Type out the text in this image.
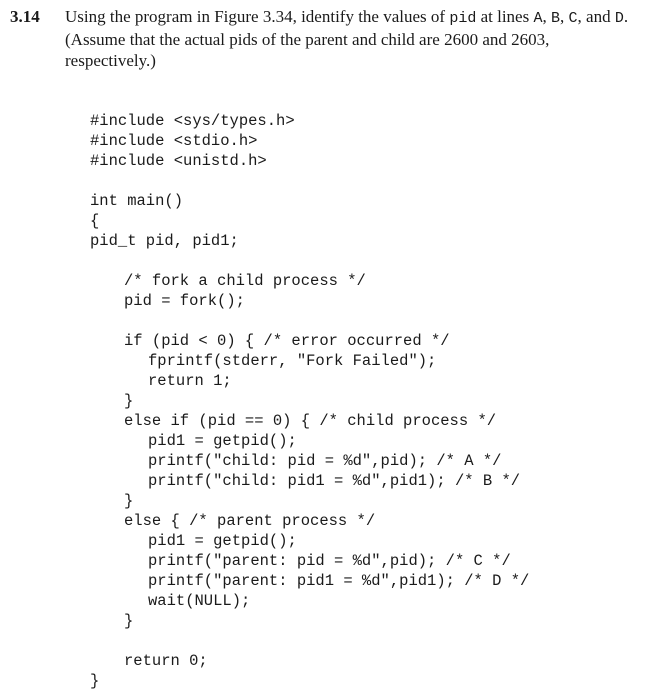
3.14 Using the program in Figure 3.34, identify the values of pid at lines A, B, C, and D. (Assume that the actual pids of the parent and child are 2600 and 2603, respectively.)

#include <sys/types.h>

#include <stdio.h>

#include <unistd.h>

int main()

{

pid_t pid, pid1;

/* fork a child process */

pid = fork();

if (pid < 0) { /* error occurred */

fprintf(stderr, "Fork Failed");

return 1;

}

else if (pid == 0) { /* child process */

pid1 = getpid();

printf("child: pid = %d",pid); /* A */

printf("child: pid1 = %d",pid1); /* B */

}

else { /* parent process */

pid1 = getpid();

printf("parent: pid = %d",pid); /* C */

printf("parent: pid1 = %d",pid1); /* D */

wait(NULL);

}

return 0;

}
